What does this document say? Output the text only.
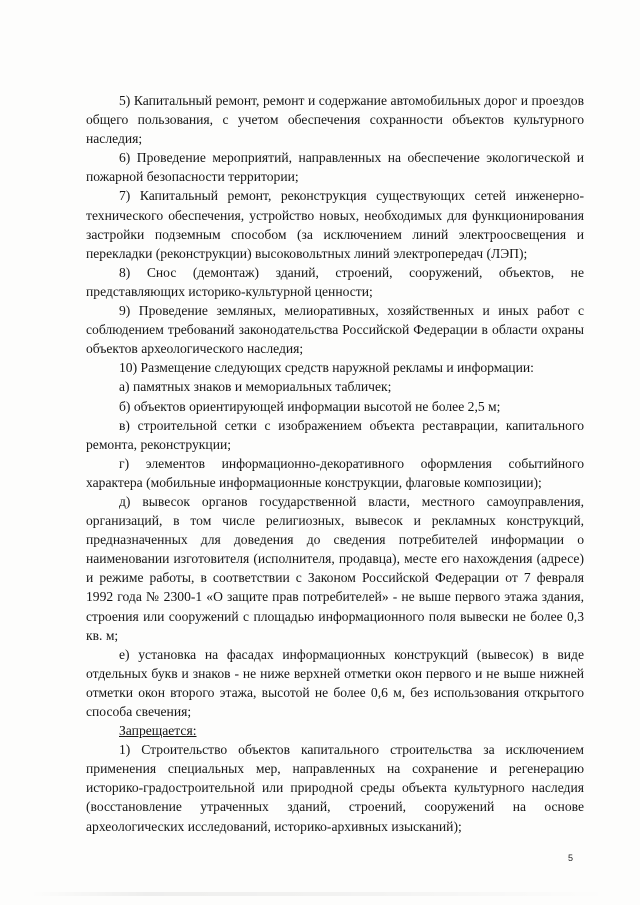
5) Капитальный ремонт, ремонт и содержание автомобильных дорог и проездов общего пользования, с учетом обеспечения сохранности объектов культурного наследия;

6) Проведение мероприятий, направленных на обеспечение экологической и пожарной безопасности территории;

7) Капитальный ремонт, реконструкция существующих сетей инженерно-технического обеспечения, устройство новых, необходимых для функционирования застройки подземным способом (за исключением линий электроосвещения и перекладки (реконструкции) высоковольтных линий электропередач (ЛЭП);

8) Снос (демонтаж) зданий, строений, сооружений, объектов, не представляющих историко-культурной ценности;

9) Проведение земляных, мелиоративных, хозяйственных и иных работ с соблюдением требований законодательства Российской Федерации в области охраны объектов археологического наследия;

10) Размещение следующих средств наружной рекламы и информации:

а) памятных знаков и мемориальных табличек;

б) объектов ориентирующей информации высотой не более 2,5 м;

в) строительной сетки с изображением объекта реставрации, капитального ремонта, реконструкции;

г) элементов информационно-декоративного оформления событийного характера (мобильные информационные конструкции, флаговые композиции);

д) вывесок органов государственной власти, местного самоуправления, организаций, в том числе религиозных, вывесок и рекламных конструкций, предназначенных для доведения до сведения потребителей информации о наименовании изготовителя (исполнителя, продавца), месте его нахождения (адресе) и режиме работы, в соответствии с Законом Российской Федерации от 7 февраля 1992 года № 2300-1 «О защите прав потребителей» - не выше первого этажа здания, строения или сооружений с площадью информационного поля вывески не более 0,3 кв. м;

е) установка на фасадах информационных конструкций (вывесок) в виде отдельных букв и знаков - не ниже верхней отметки окон первого и не выше нижней отметки окон второго этажа, высотой не более 0,6 м, без использования открытого способа свечения;

Запрещается:

1) Строительство объектов капитального строительства за исключением применения специальных мер, направленных на сохранение и регенерацию историко-градостроительной или природной среды объекта культурного наследия (восстановление утраченных зданий, строений, сооружений на основе археологических исследований, историко-архивных изысканий);

5
